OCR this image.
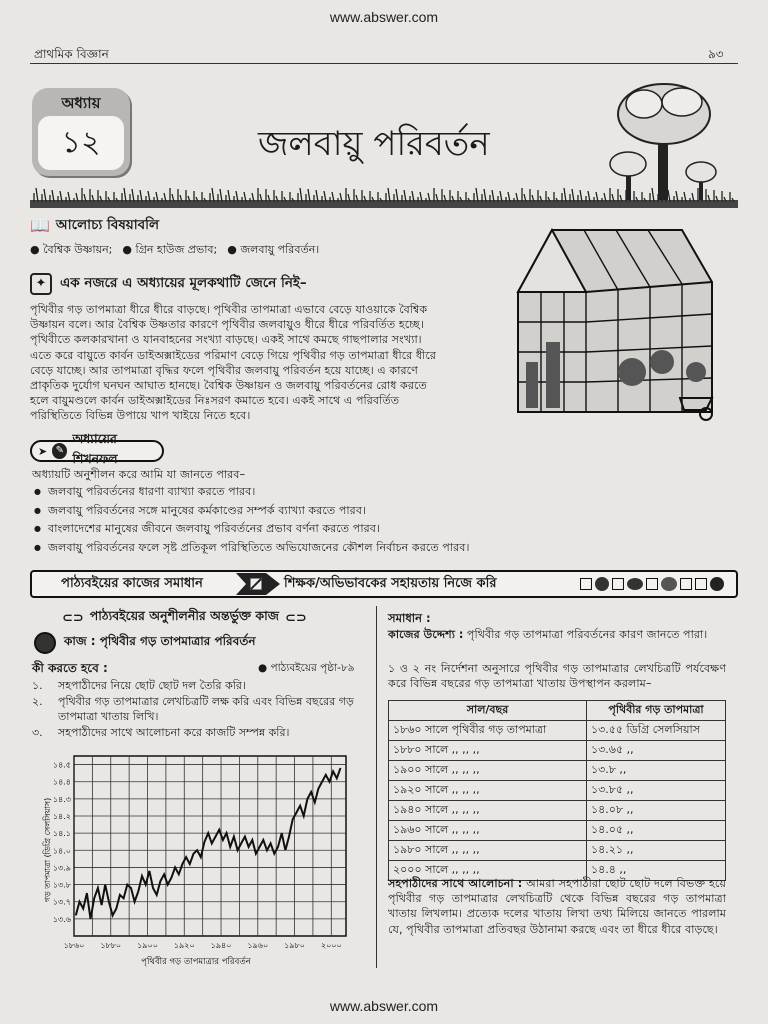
www.abswer.com
www.abswer.com
প্রাথমিক বিজ্ঞান	৯৩
অধ্যায়
১২	জলবায়ু পরিবর্তন
📖 আলোচ্য বিষয়াবলি
● বৈশ্বিক উষ্ণায়ন; ● গ্রিন হাউজ প্রভাব; ● জলবায়ু পরিবর্তন।
✦	এক নজরে এ অধ্যায়ের মূলকথাটি জেনে নিই–
পৃথিবীর গড় তাপমাত্রা ধীরে ধীরে বাড়ছে। পৃথিবীর তাপমাত্রা এভাবে বেড়ে যাওয়াকে বৈশ্বিক
উষ্ণায়ন বলে। আর বৈশ্বিক উষ্ণতার কারণে পৃথিবীর জলবায়ুও ধীরে ধীরে পরিবর্তিত হচ্ছে।
পৃথিবীতে কলকারখানা ও যানবাহনের সংখ্যা বাড়ছে। একই সাথে কমছে গাছপালার সংখ্যা।
এতে করে বায়ুতে কার্বন ডাইঅক্সাইডের পরিমাণ বেড়ে গিয়ে পৃথিবীর গড় তাপমাত্রা ধীরে ধীরে
বেড়ে যাচ্ছে। আর তাপমাত্রা বৃদ্ধির ফলে পৃথিবীর জলবায়ু পরিবর্তন হয়ে যাচ্ছে। এ কারণে
প্রাকৃতিক দুর্যোগ ঘনঘন আঘাত হানছে। বৈশ্বিক উষ্ণায়ন ও জলবায়ু পরিবর্তনের রোধ করতে
হলে বায়ুমণ্ডলে কার্বন ডাইঅক্সাইডের নিঃসরণ কমাতে হবে। একই সাথে এ পরিবর্তিত
পরিস্থিতিতে বিভিন্ন উপায়ে খাপ খাইয়ে নিতে হবে।
➤ ✎
অধ্যায়ের শিখনফল
অধ্যায়টি অনুশীলন করে আমি যা জানতে পারব–
● জলবায়ু পরিবর্তনের ধারণা ব্যাখ্যা করতে পারব।
● জলবায়ু পরিবর্তনের সঙ্গে মানুষের কর্মকাণ্ডের সম্পর্ক ব্যাখ্যা করতে পারব।
● বাংলাদেশের মানুষের জীবনে জলবায়ু পরিবর্তনের প্রভাব বর্ণনা করতে পারব।
● জলবায়ু পরিবর্তনের ফলে সৃষ্ট প্রতিকূল পরিস্থিতিতে অভিযোজনের কৌশল নির্বাচন করতে পারব।
পাঠ্যবইয়ের কাজের সমাধান	শিক্ষক/অভিভাবকের সহায়তায় নিজে করি
⊂⊃ পাঠ্যবইয়ের অনুশীলনীর অন্তর্ভুক্ত কাজ ⊂⊃
কাজ : পৃথিবীর গড় তাপমাত্রার পরিবর্তন
কী করতে হবে :	● পাঠ্যবইয়ের পৃষ্ঠা-৮৯
১.	সহপাঠীদের নিয়ে ছোট ছোট দল তৈরি করি।
২.	পৃথিবীর গড় তাপমাত্রার লেখচিত্রটি লক্ষ করি এবং বিভিন্ন বছরের গড় তাপমাত্রা খাতায় লিখি।
৩.	সহপাঠীদের সাথে আলোচনা করে কাজটি সম্পন্ন করি।
১৩.৬
১৩.৭
১৩.৮
১৩.৯
১৪.০
১৪.১
১৪.২
১৪.৩
১৪.৪
১৪.৫
১৮৬০ ১৮৮০ ১৯০০ ১৯২০ ১৯৪০ ১৯৬০ ১৯৮০ ২০০০
গড় তাপমাত্রা (ডিগ্রি সেলসিয়াস)
পৃথিবীর গড় তাপমাত্রার পরিবর্তন
সমাধান :
কাজের উদ্দেশ্য : পৃথিবীর গড় তাপমাত্রা পরিবর্তনের কারণ জানতে পারা।
১ ও ২ নং নির্দেশনা অনুসারে পৃথিবীর গড় তাপমাত্রার লেখচিত্রটি পর্যবেক্ষণ করে বিভিন্ন বছরের গড় তাপমাত্রা খাতায় উপস্থাপন করলাম–
সাল/বছর	পৃথিবীর গড় তাপমাত্রা
১৮৬০ সালে পৃথিবীর গড় তাপমাত্রা	১৩.৫৫ ডিগ্রি সেলসিয়াস
১৮৮০ সালে ,, ,, ,,	১৩.৬৫ ,,
১৯০০ সালে ,, ,, ,,	১৩.৮ ,,
১৯২০ সালে ,, ,, ,,	১৩.৮৫ ,,
১৯৪০ সালে ,, ,, ,,	১৪.০৮ ,,
১৯৬০ সালে ,, ,, ,,	১৪.০৫ ,,
১৯৮০ সালে ,, ,, ,,	১৪.২১ ,,
২০০০ সালে ,, ,, ,,	১৪.৪ ,,
সহপাঠীদের সাথে আলোচনা : আমরা সহপাঠীরা ছোট ছোট দলে বিভক্ত হয়ে পৃথিবীর গড় তাপমাত্রার লেখচিত্রটি থেকে বিভিন্ন বছরের গড় তাপমাত্রা খাতায় লিখলাম। প্রত্যেক দলের খাতায় লিখা তথ্য মিলিয়ে জানতে পারলাম যে, পৃথিবীর তাপমাত্রা প্রতিবছর উঠানামা করছে এবং তা ধীরে ধীরে বাড়ছে।
